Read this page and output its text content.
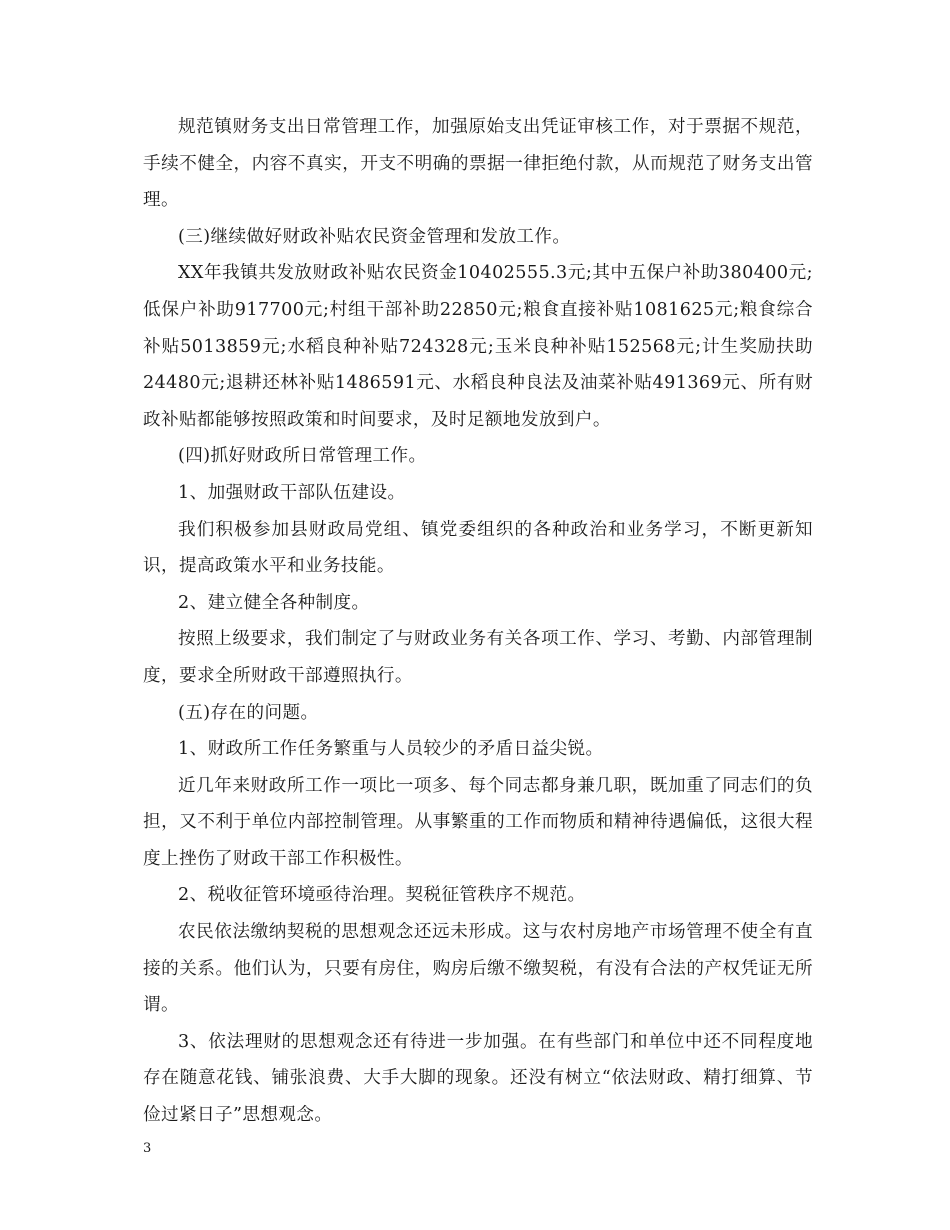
规范镇财务支出日常管理工作，加强原始支出凭证审核工作，对于票据不规范，手续不健全，内容不真实，开支不明确的票据一律拒绝付款，从而规范了财务支出管理。

(三)继续做好财政补贴农民资金管理和发放工作。

XX年我镇共发放财政补贴农民资金10402555.3元;其中五保户补助380400元;低保户补助917700元;村组干部补助22850元;粮食直接补贴1081625元;粮食综合补贴5013859元;水稻良种补贴724328元;玉米良种补贴152568元;计生奖励扶助24480元;退耕还林补贴1486591元、水稻良种良法及油菜补贴491369元、所有财政补贴都能够按照政策和时间要求，及时足额地发放到户。

(四)抓好财政所日常管理工作。

1、加强财政干部队伍建设。

我们积极参加县财政局党组、镇党委组织的各种政治和业务学习，不断更新知识，提高政策水平和业务技能。

2、建立健全各种制度。

按照上级要求，我们制定了与财政业务有关各项工作、学习、考勤、内部管理制度，要求全所财政干部遵照执行。

(五)存在的问题。

1、财政所工作任务繁重与人员较少的矛盾日益尖锐。

近几年来财政所工作一项比一项多、每个同志都身兼几职，既加重了同志们的负担，又不利于单位内部控制管理。从事繁重的工作而物质和精神待遇偏低，这很大程度上挫伤了财政干部工作积极性。

2、税收征管环境亟待治理。契税征管秩序不规范。

农民依法缴纳契税的思想观念还远未形成。这与农村房地产市场管理不使全有直接的关系。他们认为，只要有房住，购房后缴不缴契税，有没有合法的产权凭证无所谓。

3、依法理财的思想观念还有待进一步加强。在有些部门和单位中还不同程度地存在随意花钱、铺张浪费、大手大脚的现象。还没有树立“依法财政、精打细算、节俭过紧日子”思想观念。

3
